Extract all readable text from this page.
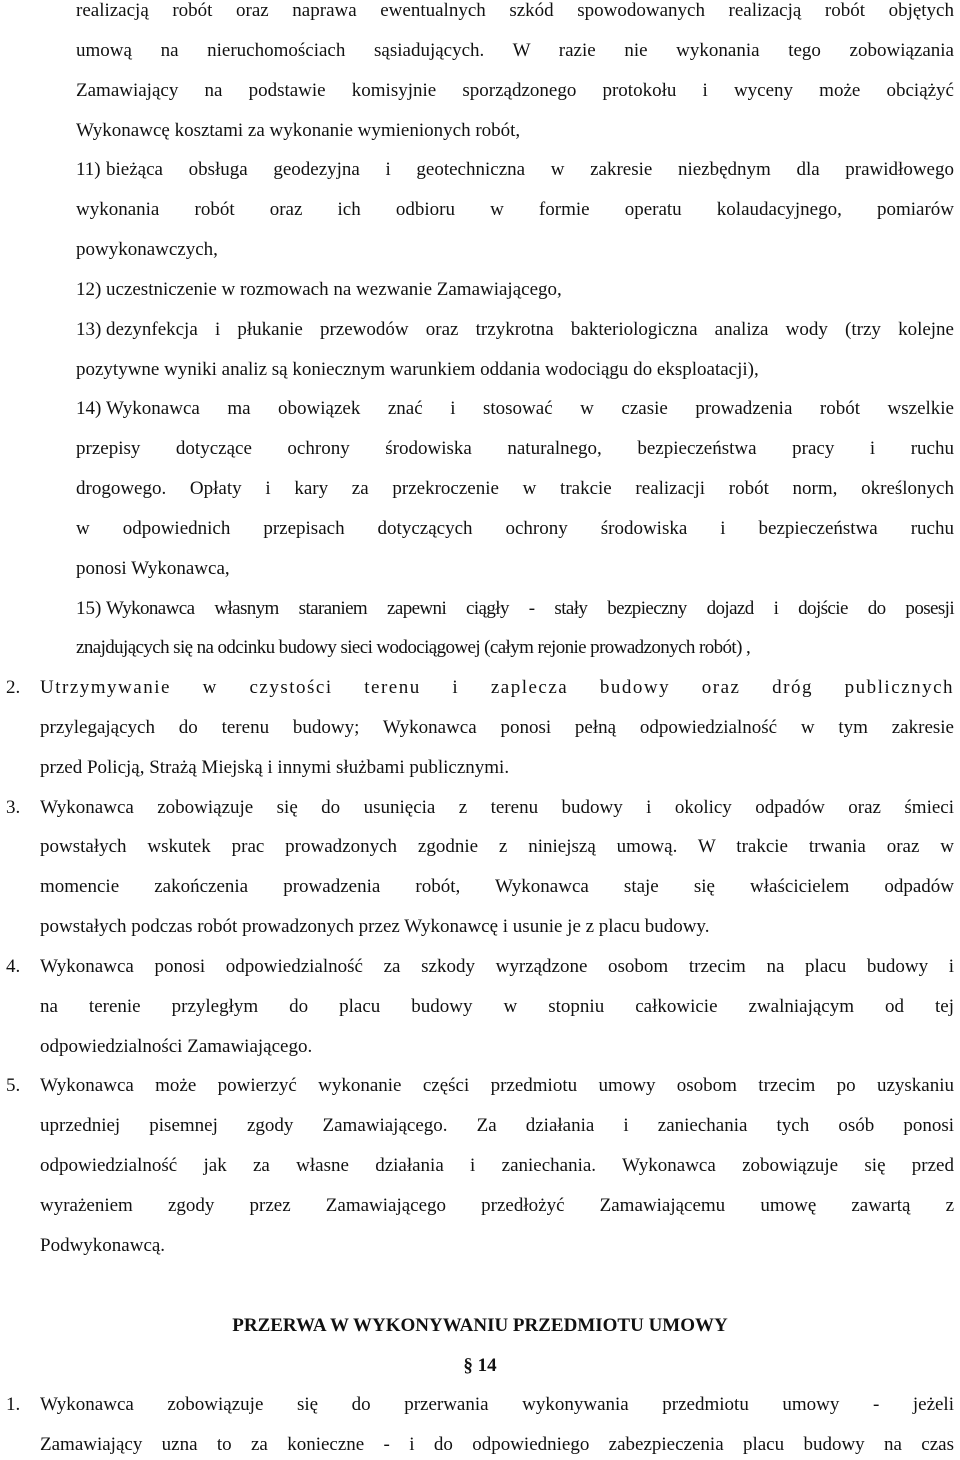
realizacją robót oraz naprawa ewentualnych szkód spowodowanych realizacją robót objętych
umową na nieruchomościach sąsiadujących. W razie nie wykonania tego zobowiązania
Zamawiający na podstawie komisyjnie sporządzonego protokołu i wyceny może obciążyć
Wykonawcę kosztami za wykonanie wymienionych robót,
11) bieżąca obsługa geodezyjna i geotechniczna w zakresie niezbędnym dla prawidłowego
wykonania robót oraz ich odbioru w formie operatu kolaudacyjnego, pomiarów
powykonawczych,
12) uczestniczenie w rozmowach na wezwanie Zamawiającego,
13) dezynfekcja i płukanie przewodów oraz trzykrotna bakteriologiczna analiza wody (trzy kolejne
pozytywne wyniki analiz są koniecznym warunkiem oddania wodociągu do eksploatacji),
14) Wykonawca ma obowiązek znać i stosować w czasie prowadzenia robót wszelkie
przepisy dotyczące ochrony środowiska naturalnego, bezpieczeństwa pracy i ruchu
drogowego. Opłaty i kary za przekroczenie w trakcie realizacji robót norm, określonych
w odpowiednich przepisach dotyczących ochrony środowiska i bezpieczeństwa ruchu
ponosi Wykonawca,
15) Wykonawca własnym staraniem zapewni ciągły - stały bezpieczny dojazd i dojście do posesji
znajdujących się na odcinku budowy sieci wodociągowej (całym rejonie prowadzonych robót) ,
2. Utrzymywanie w czystości terenu i zaplecza budowy oraz dróg publicznych
przylegających do terenu budowy; Wykonawca ponosi pełną odpowiedzialność w tym zakresie
przed Policją, Strażą Miejską i innymi służbami publicznymi.
3. Wykonawca zobowiązuje się do usunięcia z terenu budowy i okolicy odpadów oraz śmieci
powstałych wskutek prac prowadzonych zgodnie z niniejszą umową. W trakcie trwania oraz w
momencie zakończenia prowadzenia robót, Wykonawca staje się właścicielem odpadów
powstałych podczas robót prowadzonych przez Wykonawcę i usunie je z placu budowy.
4. Wykonawca ponosi odpowiedzialność za szkody wyrządzone osobom trzecim na placu budowy i
na terenie przyległym do placu budowy w stopniu całkowicie zwalniającym od tej
odpowiedzialności Zamawiającego.
5. Wykonawca może powierzyć wykonanie części przedmiotu umowy osobom trzecim po uzyskaniu
uprzedniej pisemnej zgody Zamawiającego. Za działania i zaniechania tych osób ponosi
odpowiedzialność jak za własne działania i zaniechania. Wykonawca zobowiązuje się przed
wyrażeniem zgody przez Zamawiającego przedłożyć Zamawiającemu umowę zawartą z
Podwykonawcą.
PRZERWA W WYKONYWANIU PRZEDMIOTU UMOWY
§ 14
1. Wykonawca zobowiązuje się do przerwania wykonywania przedmiotu umowy - jeżeli
Zamawiający uzna to za konieczne - i do odpowiedniego zabezpieczenia placu budowy na czas
